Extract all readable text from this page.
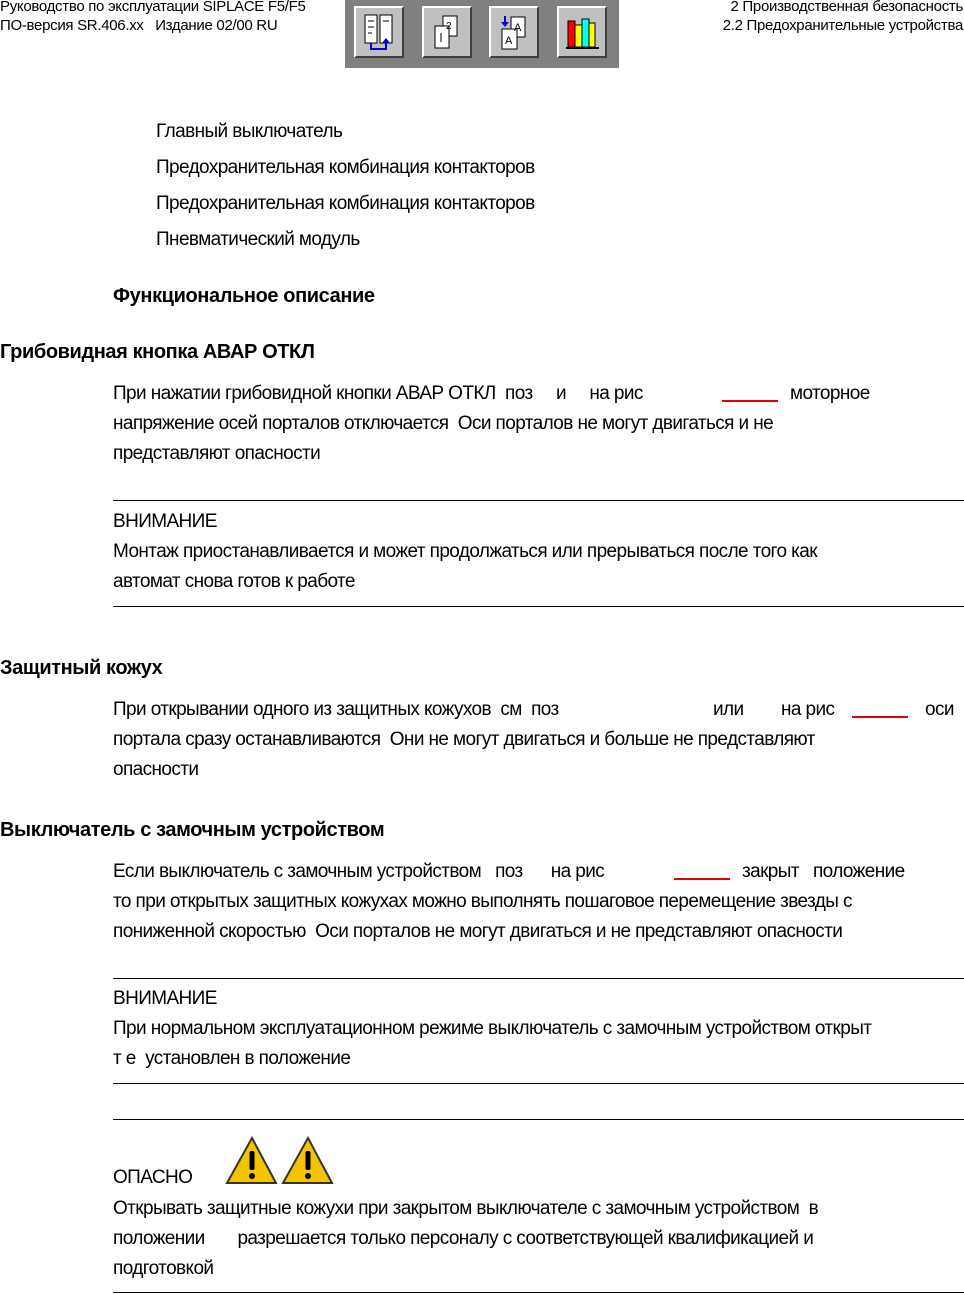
Руководство по эксплуатации SIPLACE F5/F5
ПО-версия SR.406.xx   Издание 02/00 RU
2 Производственная безопасность
2.2 Предохранительные устройства
2	A
A
Главный выключатель
Предохранительная комбинация контакторов
Предохранительная комбинация контакторов
Пневматический модуль
Функциональное описание
Грибовидная кнопка АВАР ОТКЛ
При нажатии грибовидной кнопки АВАР ОТКЛ  поз     и     на рис	моторное
напряжение осей порталов отключается  Оси порталов не могут двигаться и не
представляют опасности
ВНИМАНИЕ
Монтаж приостанавливается и может продолжаться или прерываться после того как
автомат снова готов к работе
Защитный кожух
При открывании одного из защитных кожухов  см  поз	или на рис	оси
портала сразу останавливаются  Они не могут двигаться и больше не представляют
опасности
Выключатель с замочным устройством
Если выключатель с замочным устройством   поз      на рис	закрыт   положение
то при открытых защитных кожухах можно выполнять пошаговое перемещение звезды с
пониженной скоростью  Оси порталов не могут двигаться и не представляют опасности
ВНИМАНИЕ
При нормальном эксплуатационном режиме выключатель с замочным устройством открыт
т е  установлен в положение
ОПАСНО
Открывать защитные кожухи при закрытом выключателе с замочным устройством  в
положении       разрешается только персоналу с соответствующей квалификацией и
подготовкой
